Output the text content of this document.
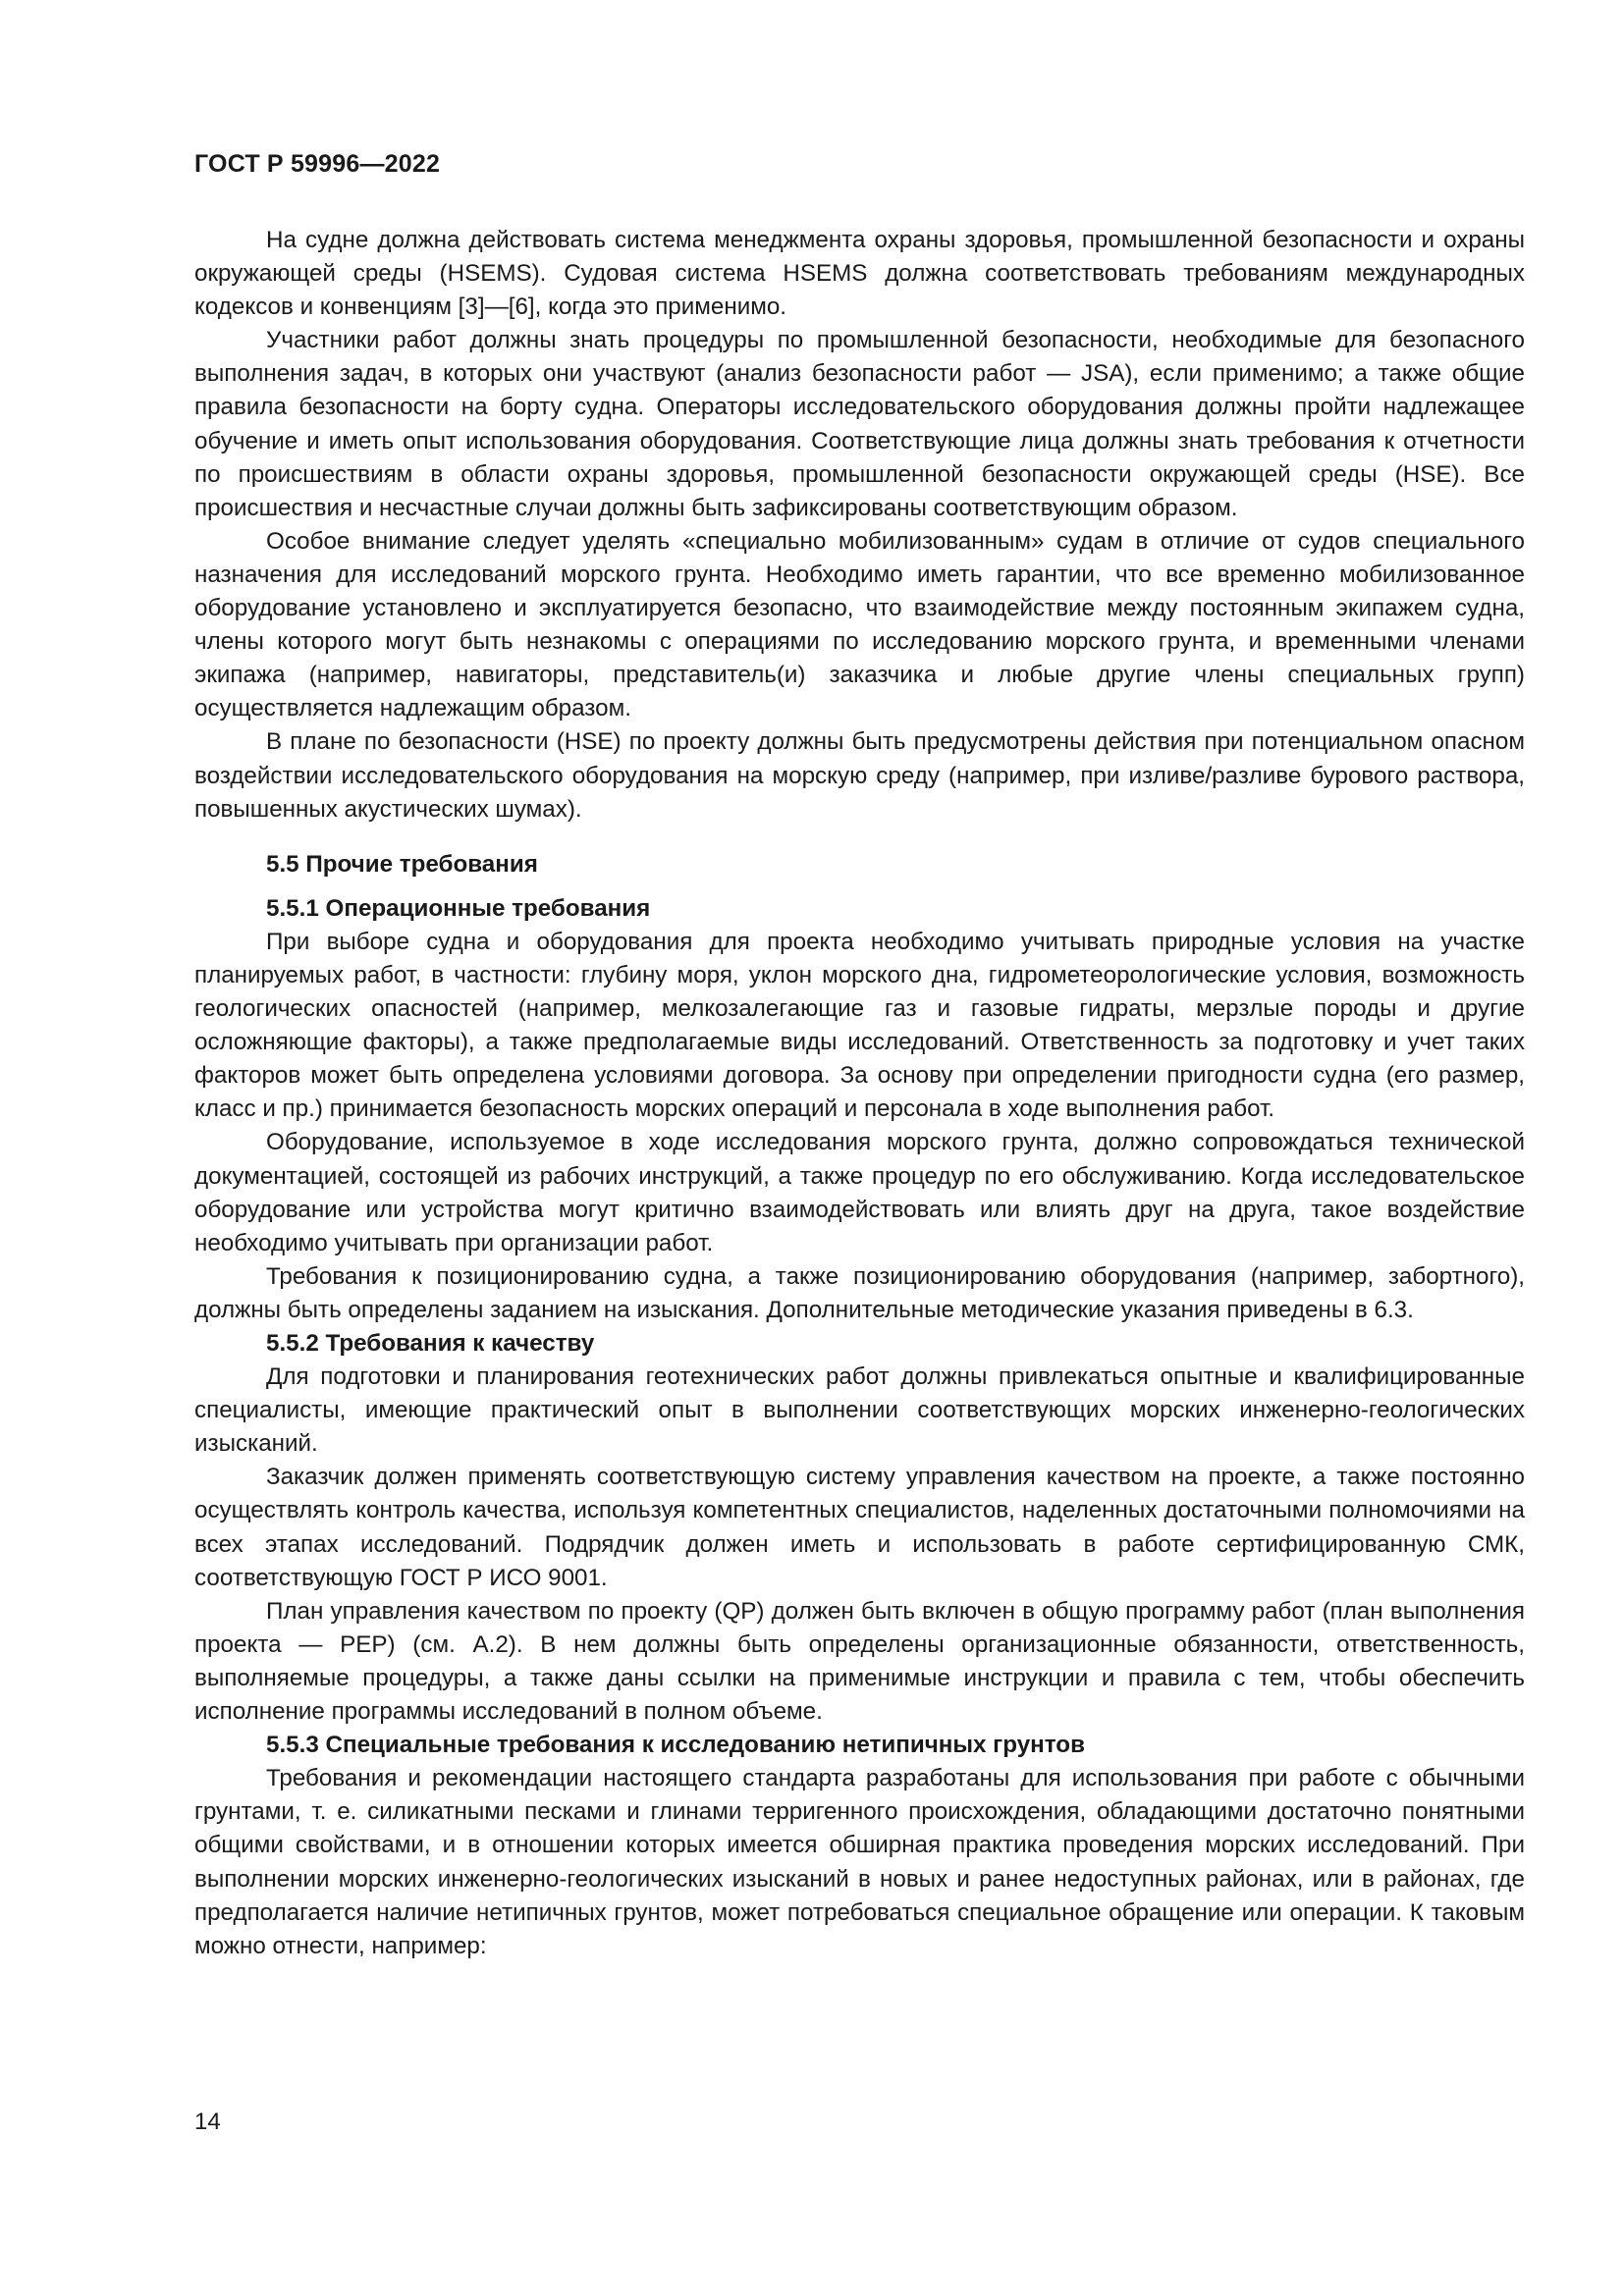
ГОСТ Р 59996—2022

На судне должна действовать система менеджмента охраны здоровья, промышленной безопасности и охраны окружающей среды (HSEMS). Судовая система HSEMS должна соответствовать требованиям международных кодексов и конвенциям [3]—[6], когда это применимо.

Участники работ должны знать процедуры по промышленной безопасности, необходимые для безопасного выполнения задач, в которых они участвуют (анализ безопасности работ — JSA), если применимо; а также общие правила безопасности на борту судна. Операторы исследовательского оборудования должны пройти надлежащее обучение и иметь опыт использования оборудования. Соответствующие лица должны знать требования к отчетности по происшествиям в области охраны здоровья, промышленной безопасности окружающей среды (HSE). Все происшествия и несчастные случаи должны быть зафиксированы соответствующим образом.

Особое внимание следует уделять «специально мобилизованным» судам в отличие от судов специального назначения для исследований морского грунта. Необходимо иметь гарантии, что все временно мобилизованное оборудование установлено и эксплуатируется безопасно, что взаимодействие между постоянным экипажем судна, члены которого могут быть незнакомы с операциями по исследованию морского грунта, и временными членами экипажа (например, навигаторы, представитель(и) заказчика и любые другие члены специальных групп) осуществляется надлежащим образом.

В плане по безопасности (HSE) по проекту должны быть предусмотрены действия при потенциальном опасном воздействии исследовательского оборудования на морскую среду (например, при изливе/разливе бурового раствора, повышенных акустических шумах).

5.5 Прочие требования
5.5.1 Операционные требования

При выборе судна и оборудования для проекта необходимо учитывать природные условия на участке планируемых работ, в частности: глубину моря, уклон морского дна, гидрометеорологические условия, возможность геологических опасностей (например, мелкозалегающие газ и газовые гидраты, мерзлые породы и другие осложняющие факторы), а также предполагаемые виды исследований. Ответственность за подготовку и учет таких факторов может быть определена условиями договора. За основу при определении пригодности судна (его размер, класс и пр.) принимается безопасность морских операций и персонала в ходе выполнения работ.

Оборудование, используемое в ходе исследования морского грунта, должно сопровождаться технической документацией, состоящей из рабочих инструкций, а также процедур по его обслуживанию. Когда исследовательское оборудование или устройства могут критично взаимодействовать или влиять друг на друга, такое воздействие необходимо учитывать при организации работ.

Требования к позиционированию судна, а также позиционированию оборудования (например, забортного), должны быть определены заданием на изыскания. Дополнительные методические указания приведены в 6.3.

5.5.2 Требования к качеству

Для подготовки и планирования геотехнических работ должны привлекаться опытные и квалифицированные специалисты, имеющие практический опыт в выполнении соответствующих морских инженерно-геологических изысканий.

Заказчик должен применять соответствующую систему управления качеством на проекте, а также постоянно осуществлять контроль качества, используя компетентных специалистов, наделенных достаточными полномочиями на всех этапах исследований. Подрядчик должен иметь и использовать в работе сертифицированную СМК, соответствующую ГОСТ Р ИСО 9001.

План управления качеством по проекту (QP) должен быть включен в общую программу работ (план выполнения проекта — PEP) (см. А.2). В нем должны быть определены организационные обязанности, ответственность, выполняемые процедуры, а также даны ссылки на применимые инструкции и правила с тем, чтобы обеспечить исполнение программы исследований в полном объеме.

5.5.3 Специальные требования к исследованию нетипичных грунтов

Требования и рекомендации настоящего стандарта разработаны для использования при работе с обычными грунтами, т. е. силикатными песками и глинами терригенного происхождения, обладающими достаточно понятными общими свойствами, и в отношении которых имеется обширная практика проведения морских исследований. При выполнении морских инженерно-геологических изысканий в новых и ранее недоступных районах, или в районах, где предполагается наличие нетипичных грунтов, может потребоваться специальное обращение или операции. К таковым можно отнести, например:

14
